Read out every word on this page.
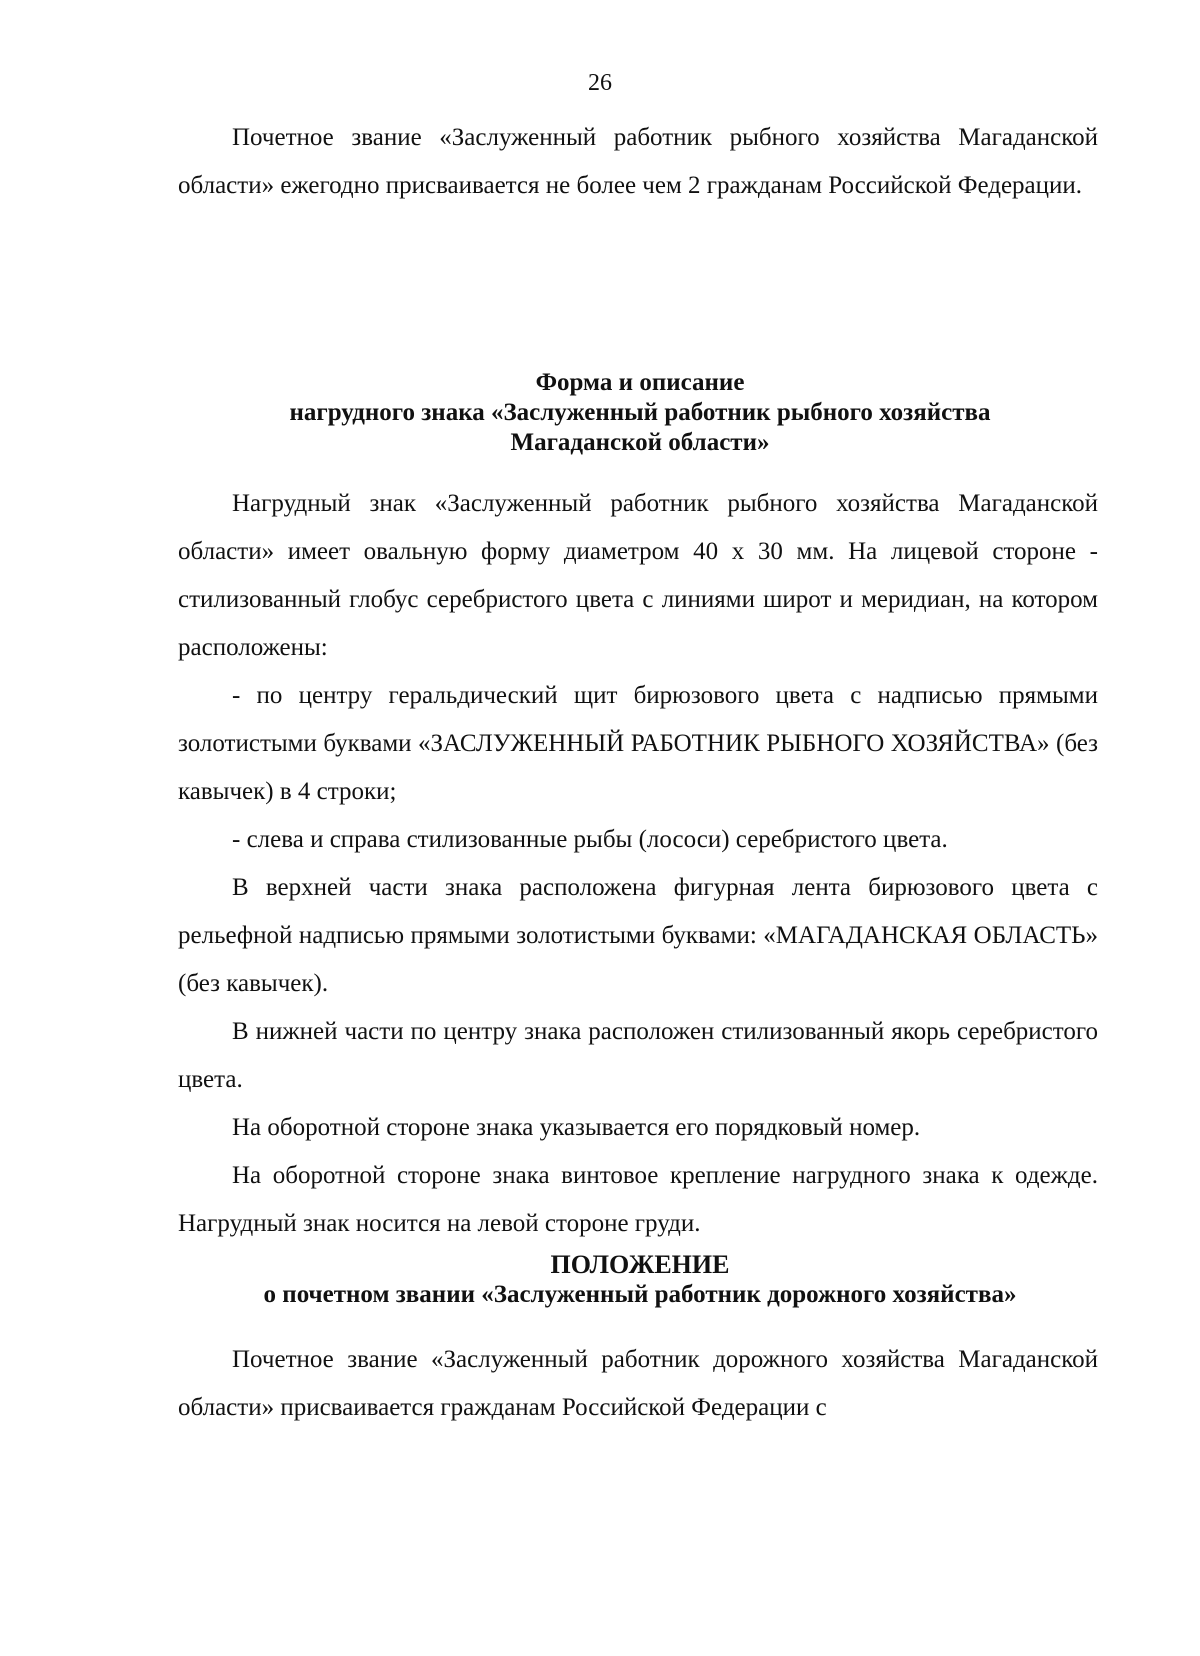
26

Почетное звание «Заслуженный работник рыбного хозяйства Магаданской области» ежегодно присваивается не более чем 2 гражданам Российской Федерации.

Форма и описание
нагрудного знака «Заслуженный работник рыбного хозяйства
Магаданской области»

Нагрудный знак «Заслуженный работник рыбного хозяйства Магаданской области» имеет овальную форму диаметром 40 х 30 мм. На лицевой стороне - стилизованный глобус серебристого цвета с линиями широт и меридиан, на котором расположены:

- по центру геральдический щит бирюзового цвета с надписью прямыми золотистыми буквами «ЗАСЛУЖЕННЫЙ РАБОТНИК РЫБНОГО ХОЗЯЙСТВА» (без кавычек) в 4 строки;

- слева и справа стилизованные рыбы (лососи) серебристого цвета.

В верхней части знака расположена фигурная лента бирюзового цвета с рельефной надписью прямыми золотистыми буквами: «МАГАДАНСКАЯ ОБЛАСТЬ» (без кавычек).

В нижней части по центру знака расположен стилизованный якорь серебристого цвета.

На оборотной стороне знака указывается его порядковый номер.

На оборотной стороне знака винтовое крепление нагрудного знака к одежде. Нагрудный знак носится на левой стороне груди.

ПОЛОЖЕНИЕ
о почетном звании «Заслуженный работник дорожного хозяйства»

Почетное звание «Заслуженный работник дорожного хозяйства Магаданской области» присваивается гражданам Российской Федерации с
